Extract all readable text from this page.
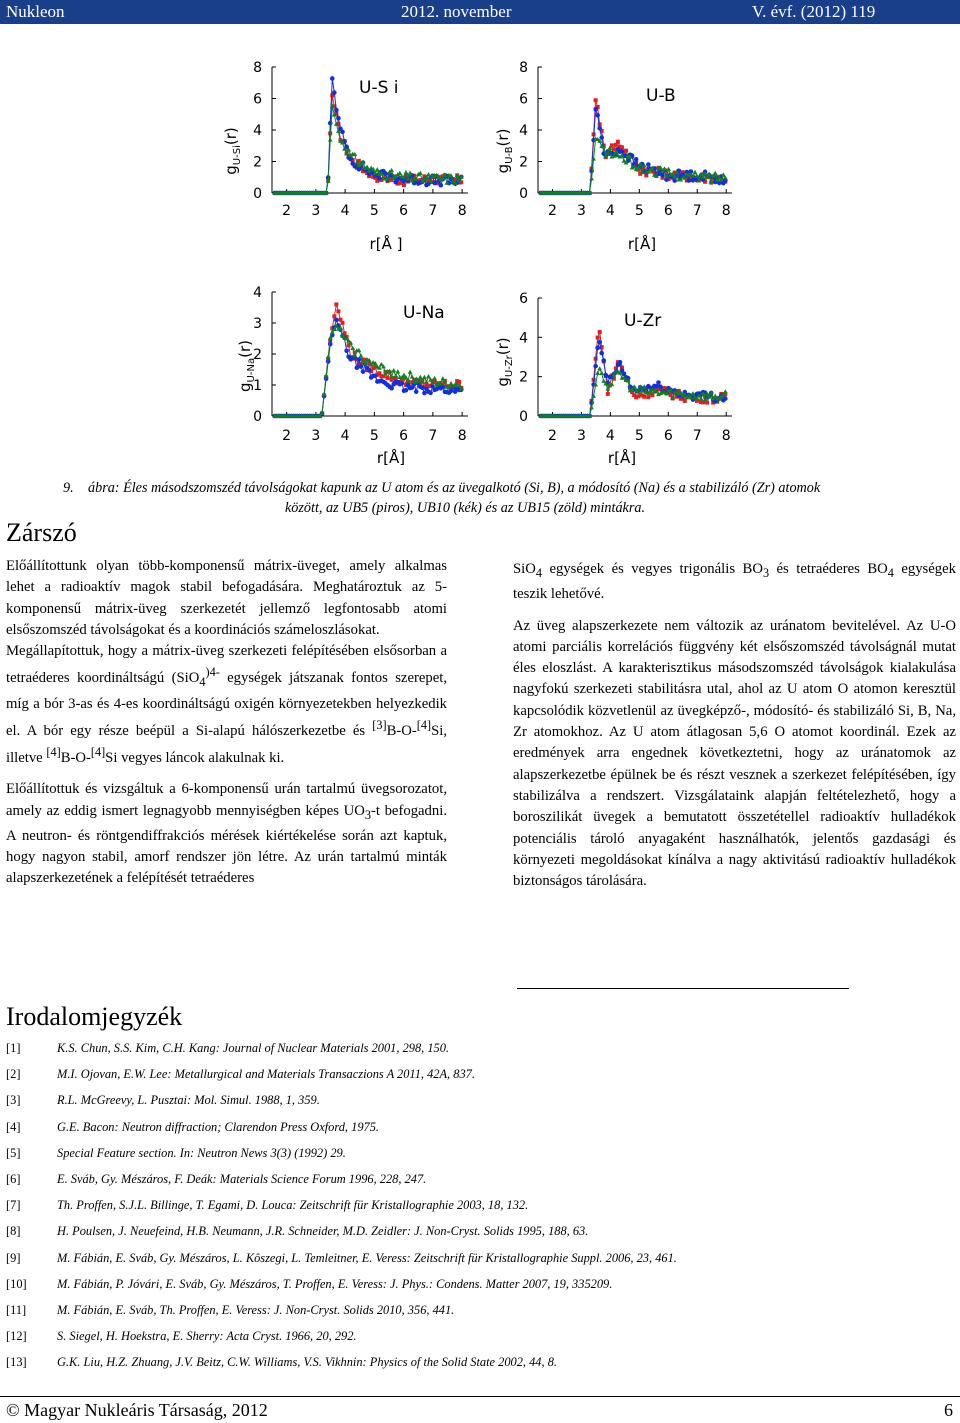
Nukleon	2012. november	V. évf. (2012) 119
$g_{U-Si}(r)$
U-S i
r[Å ]
0
2
4
6
8
2 3 4 5 6 7 8
$g_{U-B}(r)$
U-B
r[Å]
0
2
4
6
8
2 3 4 5 6 7 8
$g_{U-Na}(r)$
U-Na
r[Å]
0
1
2
3
4
2 3 4 5 6 7 8
$g_{U-Zr}(r)$
U-Zr
r[Å]
0
2
4
6
2 3 4 5 6 7 8
9. ábra: Éles másodszomszéd távolságokat kapunk az U atom és az üvegalkotó (Si, B), a módosító (Na) és a stabilizáló (Zr) atomok
között, az UB5 (piros), UB10 (kék) és az UB15 (zöld) mintákra.
Zárszó

Előállítottunk olyan több-komponensű mátrix-üveget, amely alkalmas lehet a radioaktív magok stabil befogadására. Meghatároztuk az 5-komponensű mátrix-üveg szerkezetét jellemző legfontosabb atomi elsőszomszéd távolságokat és a koordinációs számeloszlásokat.

Megállapítottuk, hogy a mátrix-üveg szerkezeti felépítésében elsősorban a tetraéderes koordináltságú (SiO$_4^{)4-}$ egységek játszanak fontos szerepet, míg a bór 3-as és 4-es koordináltságú oxigén környezetekben helyezkedik el. A bór egy része beépül a Si-alapú hálószerkezetbe és [3]B-O-[4]Si, illetve [4]B-O-[4]Si vegyes láncok alakulnak ki.

Előállítottuk és vizsgáltuk a 6-komponensű urán tartalmú üvegsorozatot, amely az eddig ismert legnagyobb mennyiségben képes $UO_3-t$ befogadni. A neutron- és röntgendiffrakciós mérések kiértékelése során azt kaptuk, hogy nagyon stabil, amorf rendszer jön létre. Az urán tartalmú minták alapszerkezetének a felépítését tetraéderes

SiO$_4$ egységek és vegyes trigonális $BO_3$ és tetraéderes $BO_4$ egységek teszik lehetővé.

Az üveg alapszerkezete nem változik az uránatom bevitelével. Az U-O atomi parciális korrelációs függvény két elsőszomszéd távolságnál mutat éles eloszlást. A karakterisztikus másodszomszéd távolságok kialakulása nagyfokú szerkezeti stabilitásra utal, ahol az U atom O atomon keresztül kapcsolódik közvetlenül az üvegképző-, módosító- és stabilizáló Si, B, Na, Zr atomokhoz. Az U atom átlagosan 5,6 O atomot koordinál. Ezek az eredmények arra engednek következtetni, hogy az uránatomok az alapszerkezetbe épülnek be és részt vesznek a szerkezet felépítésében, így stabilizálva a rendszert. Vizsgálataink alapján feltételezhető, hogy a boroszilikát üvegek a bemutatott összetétellel radioaktív hulladékok potenciális tároló anyagaként használhatók, jelentős gazdasági és környezeti megoldásokat kínálva a nagy aktivitású radioaktív hulladékok biztonságos tárolására.

Irodalomjegyzék
[1]	K.S. Chun, S.S. Kim, C.H. Kang: Journal of Nuclear Materials 2001, 298, 150.
[2]	M.I. Ojovan, E.W. Lee: Metallurgical and Materials Transaczions A 2011, 42A, 837.
[3]	R.L. McGreevy, L. Pusztai: Mol. Simul. 1988, 1, 359.
[4]	G.E. Bacon: Neutron diffraction; Clarendon Press Oxford, 1975.
[5]	Special Feature section. In: Neutron News 3(3) (1992) 29.
[6]	E. Sváb, Gy. Mészáros, F. Deák: Materials Science Forum 1996, 228, 247.
[7]	Th. Proffen, S.J.L. Billinge, T. Egami, D. Louca: Zeitschrift für Kristallographie 2003, 18, 132.
[8]	H. Poulsen, J. Neuefeind, H.B. Neumann, J.R. Schneider, M.D. Zeidler: J. Non-Cryst. Solids 1995, 188, 63.
[9]	M. Fábián, E. Sváb, Gy. Mészáros, L. Kôszegi, L. Temleitner, E. Veress: Zeitschrift für Kristallographie Suppl. 2006, 23, 461.
[10] M. Fábián, P. Jóvári, E. Sváb, Gy. Mészáros, T. Proffen, E. Veress: J. Phys.: Condens. Matter 2007, 19, 335209.
[11] M. Fábián, E. Sváb, Th. Proffen, E. Veress: J. Non-Cryst. Solids 2010, 356, 441.
[12] S. Siegel, H. Hoekstra, E. Sherry: Acta Cryst. 1966, 20, 292.
[13] G.K. Liu, H.Z. Zhuang, J.V. Beitz, C.W. Williams, V.S. Vikhnin: Physics of the Solid State 2002, 44, 8.
© Magyar Nukleáris Társaság, 2012	6
